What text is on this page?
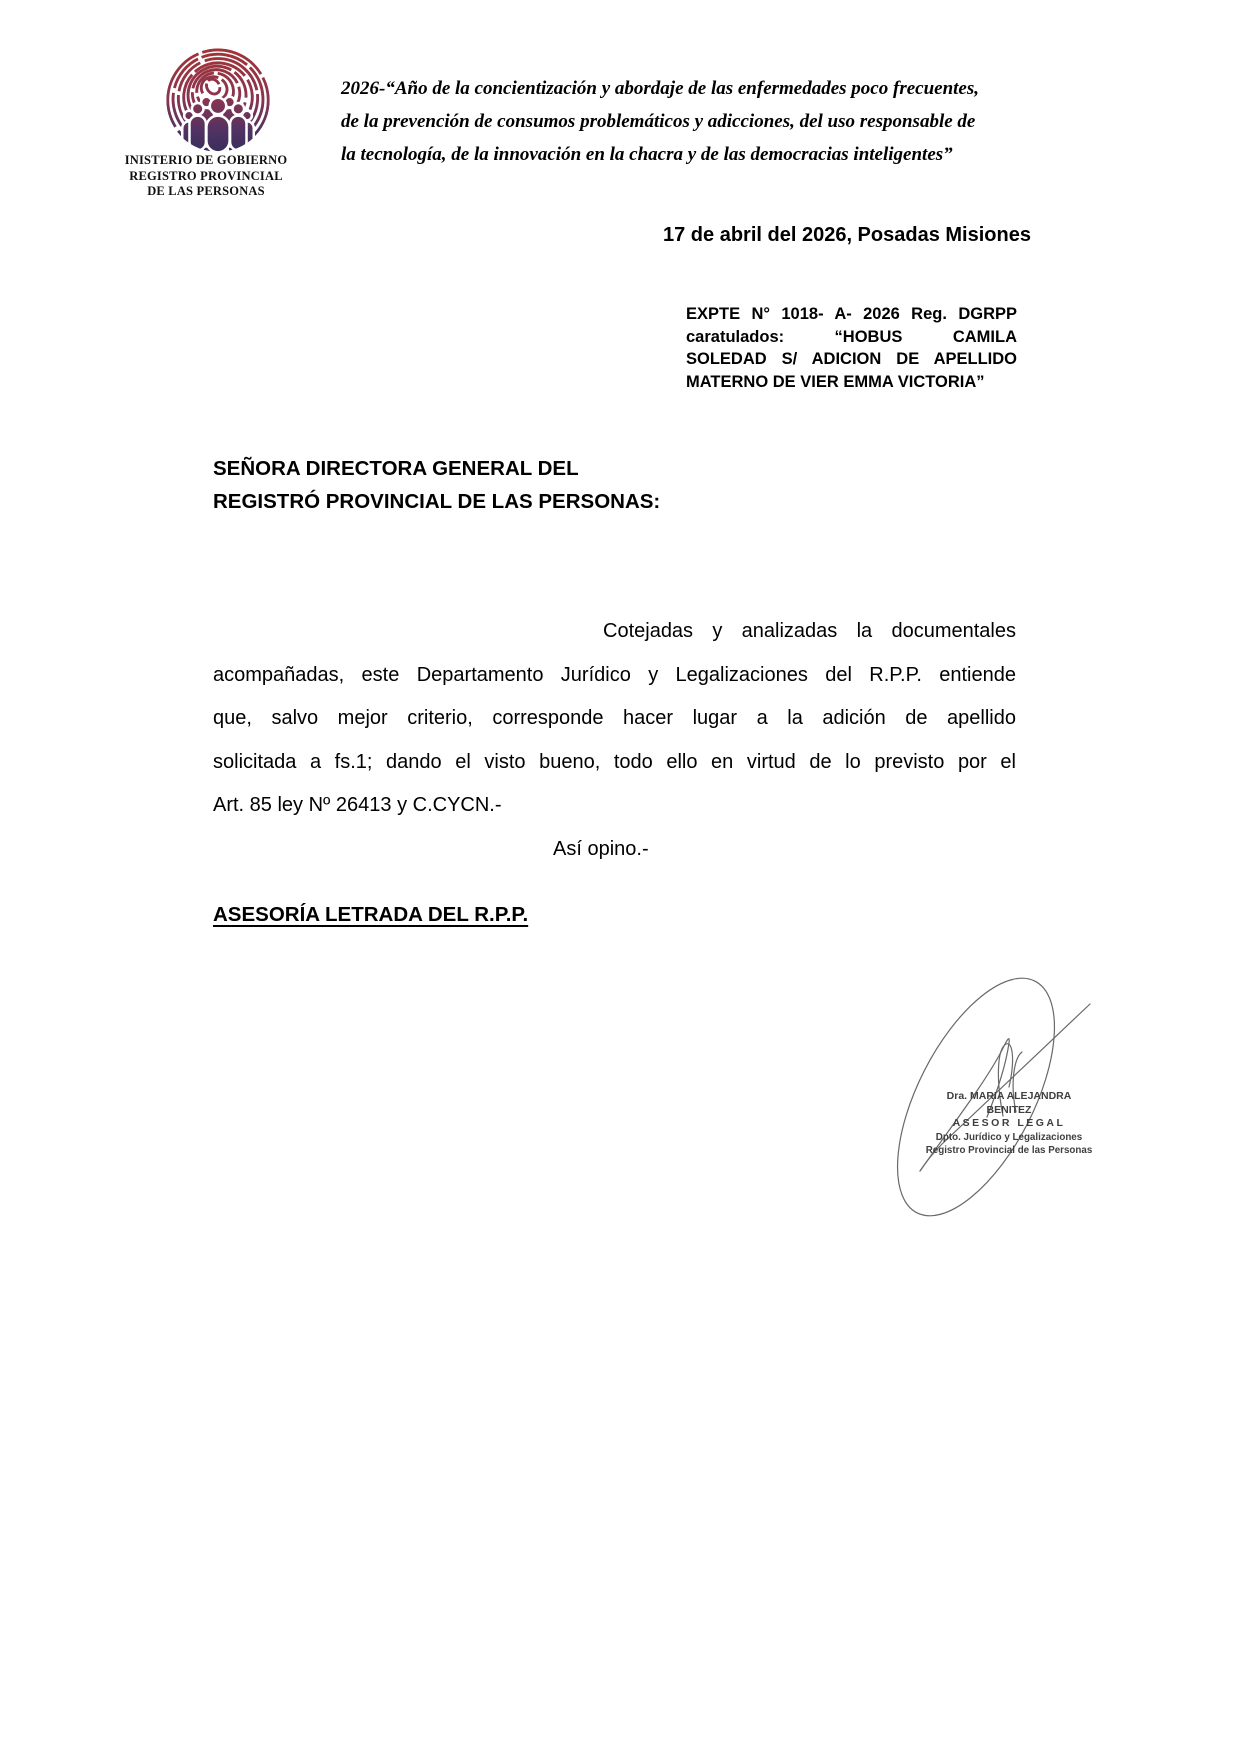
INISTERIO DE GOBIERNO
REGISTRO PROVINCIAL
DE LAS PERSONAS
2026-“Año de la concientización y abordaje de las enfermedades poco frecuentes,
de la prevención de consumos problemáticos y adicciones, del uso responsable de
la tecnología, de la innovación en la chacra y de las democracias inteligentes”
17 de abril del 2026, Posadas Misiones
EXPTE N° 1018- A- 2026 Reg. DGRPP
caratulados: “HOBUS CAMILA
SOLEDAD S/ ADICION DE APELLIDO
MATERNO DE VIER EMMA VICTORIA”
SEÑORA DIRECTORA GENERAL DEL
REGISTRÓ PROVINCIAL DE LAS PERSONAS:
Cotejadas y analizadas la documentales
acompañadas, este Departamento Jurídico y Legalizaciones del R.P.P. entiende
que, salvo mejor criterio, corresponde hacer lugar a la adición de apellido
solicitada a fs.1; dando el visto bueno, todo ello en virtud de lo previsto por el
Art. 85 ley Nº 26413 y C.CYCN.-
Así opino.-
ASESORÍA LETRADA DEL R.P.P.
Dra. MARIA ALEJANDRA BENITEZ
ASESOR LEGAL
Dpto. Jurídico y Legalizaciones
Registro Provincial de las Personas
